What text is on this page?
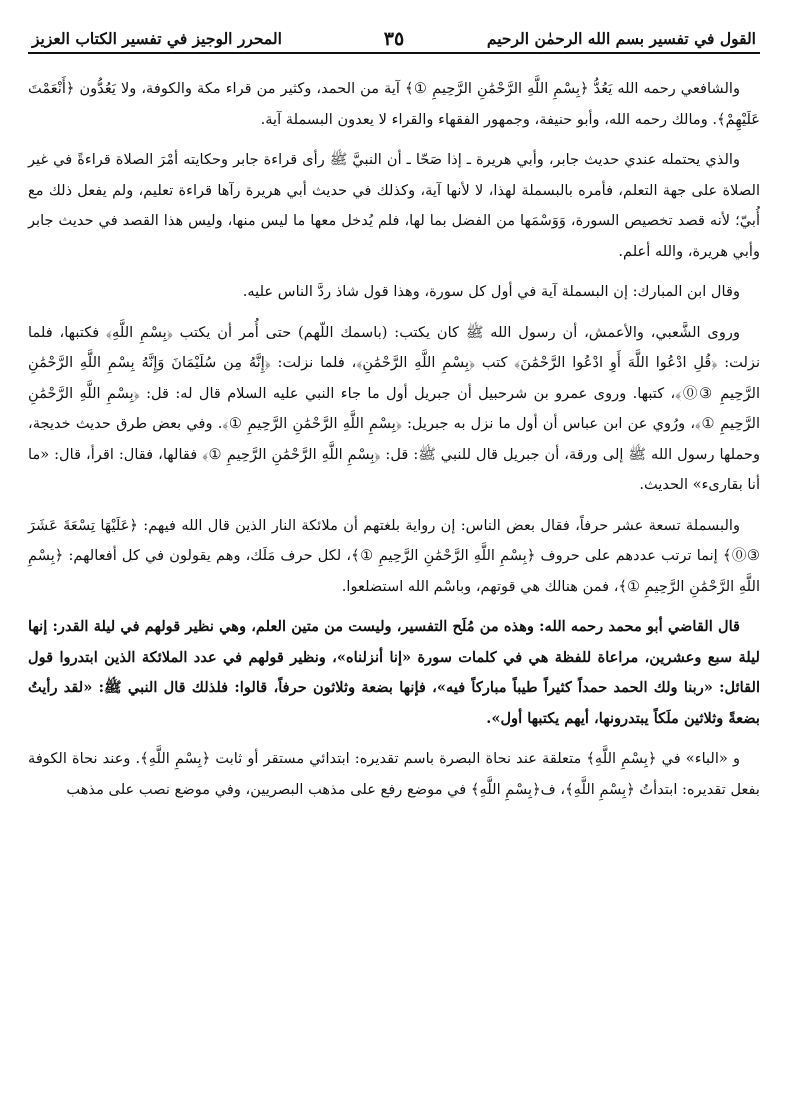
القول في تفسير بسم الله الرحمٰن الرحيم
٣٥
المحرر الوجيز في تفسير الكتاب العزيز

والشافعي رحمه الله يَعُدُّ ﴿بِسْمِ اللَّهِ الرَّحْمَٰنِ الرَّحِيمِ ①﴾ آية من الحمد، وكثير من قراء مكة والكوفة، ولا يَعُدُّون ﴿أَنْعَمْتَ عَلَيْهِمْ﴾. ومالك رحمه الله، وأبو حنيفة، وجمهور الفقهاء والقراء لا يعدون البسملة آية.

والذي يحتمله عندي حديث جابر، وأبي هريرة ـ إذا صَحّا ـ أن النبيَّ ﷺ رأى قراءة جابر وحكايته أمْرَ الصلاة قراءةً في غير الصلاة على جهة التعلم، فأمره بالبسملة لهذا، لا لأنها آية، وكذلك في حديث أبي هريرة رآها قراءة تعليم، ولم يفعل ذلك مع أُبيّ؛ لأنه قصد تخصيص السورة، وَوَسْمَها من الفضل بما لها، فلم يُدخل معها ما ليس منها، وليس هذا القصد في حديث جابر وأبي هريرة، والله أعلم.

وقال ابن المبارك: إن البسملة آية في أول كل سورة، وهذا قول شاذ ردَّ الناس عليه.

وروى الشَّعبي، والأعمش، أن رسول الله ﷺ كان يكتب: (باسمك اللّهم) حتى أُمر أن يكتب ﴿بِسْمِ اللَّهِ﴾ فكتبها، فلما نزلت: ﴿قُلِ ادْعُوا اللَّهَ أَوِ ادْعُوا الرَّحْمَٰنَ﴾ كتب ﴿بِسْمِ اللَّهِ الرَّحْمَٰنِ﴾، فلما نزلت: ﴿إِنَّهُ مِن سُلَيْمَانَ وَإِنَّهُ بِسْمِ اللَّهِ الرَّحْمَٰنِ الرَّحِيمِ ③⓪﴾، كتبها. وروى عمرو بن شرحبيل أن جبريل أول ما جاء النبي عليه السلام قال له: قل: ﴿بِسْمِ اللَّهِ الرَّحْمَٰنِ الرَّحِيمِ ①﴾، ورُوي عن ابن عباس أن أول ما نزل به جبريل: ﴿بِسْمِ اللَّهِ الرَّحْمَٰنِ الرَّحِيمِ ①﴾. وفي بعض طرق حديث خديجة، وحملها رسول الله ﷺ إلى ورقة، أن جبريل قال للنبي ﷺ: قل: ﴿بِسْمِ اللَّهِ الرَّحْمَٰنِ الرَّحِيمِ ①﴾ فقالها، فقال: اقرأ، قال: «ما أنا بقارىء» الحديث.

والبسملة تسعة عشر حرفاً، فقال بعض الناس: إن رواية بلغتهم أن ملائكة النار الذين قال الله فيهم: ﴿عَلَيْهَا تِسْعَةَ عَشَرَ ③⓪﴾ إنما ترتب عددهم على حروف ﴿بِسْمِ اللَّهِ الرَّحْمَٰنِ الرَّحِيمِ ①﴾، لكل حرف مَلَك، وهم يقولون في كل أفعالهم: ﴿بِسْمِ اللَّهِ الرَّحْمَٰنِ الرَّحِيمِ ①﴾، فمن هنالك هي قوتهم، وباسْم الله استضلعوا.

قال القاضي أبو محمد رحمه الله: وهذه من مُلَح التفسير، وليست من متين العلم، وهي نظير قولهم في ليلة القدر: إنها ليلة سبع وعشرين، مراعاة للفظة هي في كلمات سورة «إنا أنزلناه»، ونظير قولهم في عدد الملائكة الذين ابتدروا قول القائل: «ربنا ولك الحمد حمداً كثيراً طيباً مباركاً فيه»، فإنها بضعة وثلاثون حرفاً، قالوا: فلذلك قال النبي ﷺ: «لقد رأيتُ بضعةً وثلاثين ملَكاً يبتدرونها، أيهم يكتبها أول».

و «الباء» في ﴿بِسْمِ اللَّهِ﴾ متعلقة عند نحاة البصرة باسم تقديره: ابتدائي مستقر أو ثابت ﴿بِسْمِ اللَّهِ﴾. وعند نحاة الكوفة بفعل تقديره: ابتدأتُ ﴿بِسْمِ اللَّهِ﴾، ف﴿بِسْمِ اللَّهِ﴾ في موضع رفع على مذهب البصريين، وفي موضع نصب على مذهب
